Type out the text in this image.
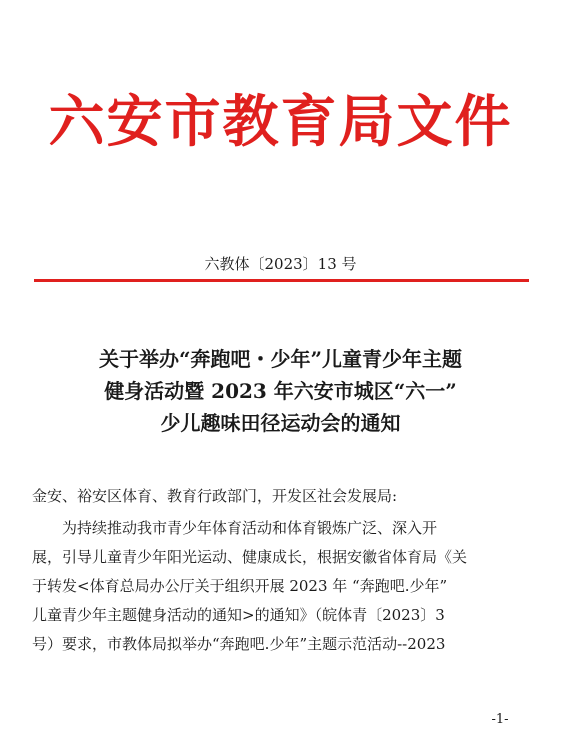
六安市教育局文件
六教体〔2023〕13 号
关于举办“奔跑吧・少年”儿童青少年主题
健身活动暨 2023 年六安市城区“六一”
少儿趣味田径运动会的通知

金安、裕安区体育、教育行政部门，开发区社会发展局:

为持续推动我市青少年体育活动和体育锻炼广泛、深入开
展，引导儿童青少年阳光运动、健康成长，根据安徽省体育局《关
于转发<体育总局办公厅关于组织开展 2023 年 “奔跑吧.少年”
儿童青少年主题健身活动的通知>的通知》（皖体青〔2023〕3
号）要求，市教体局拟举办“奔跑吧.少年”主题示范活动--2023

-1-
